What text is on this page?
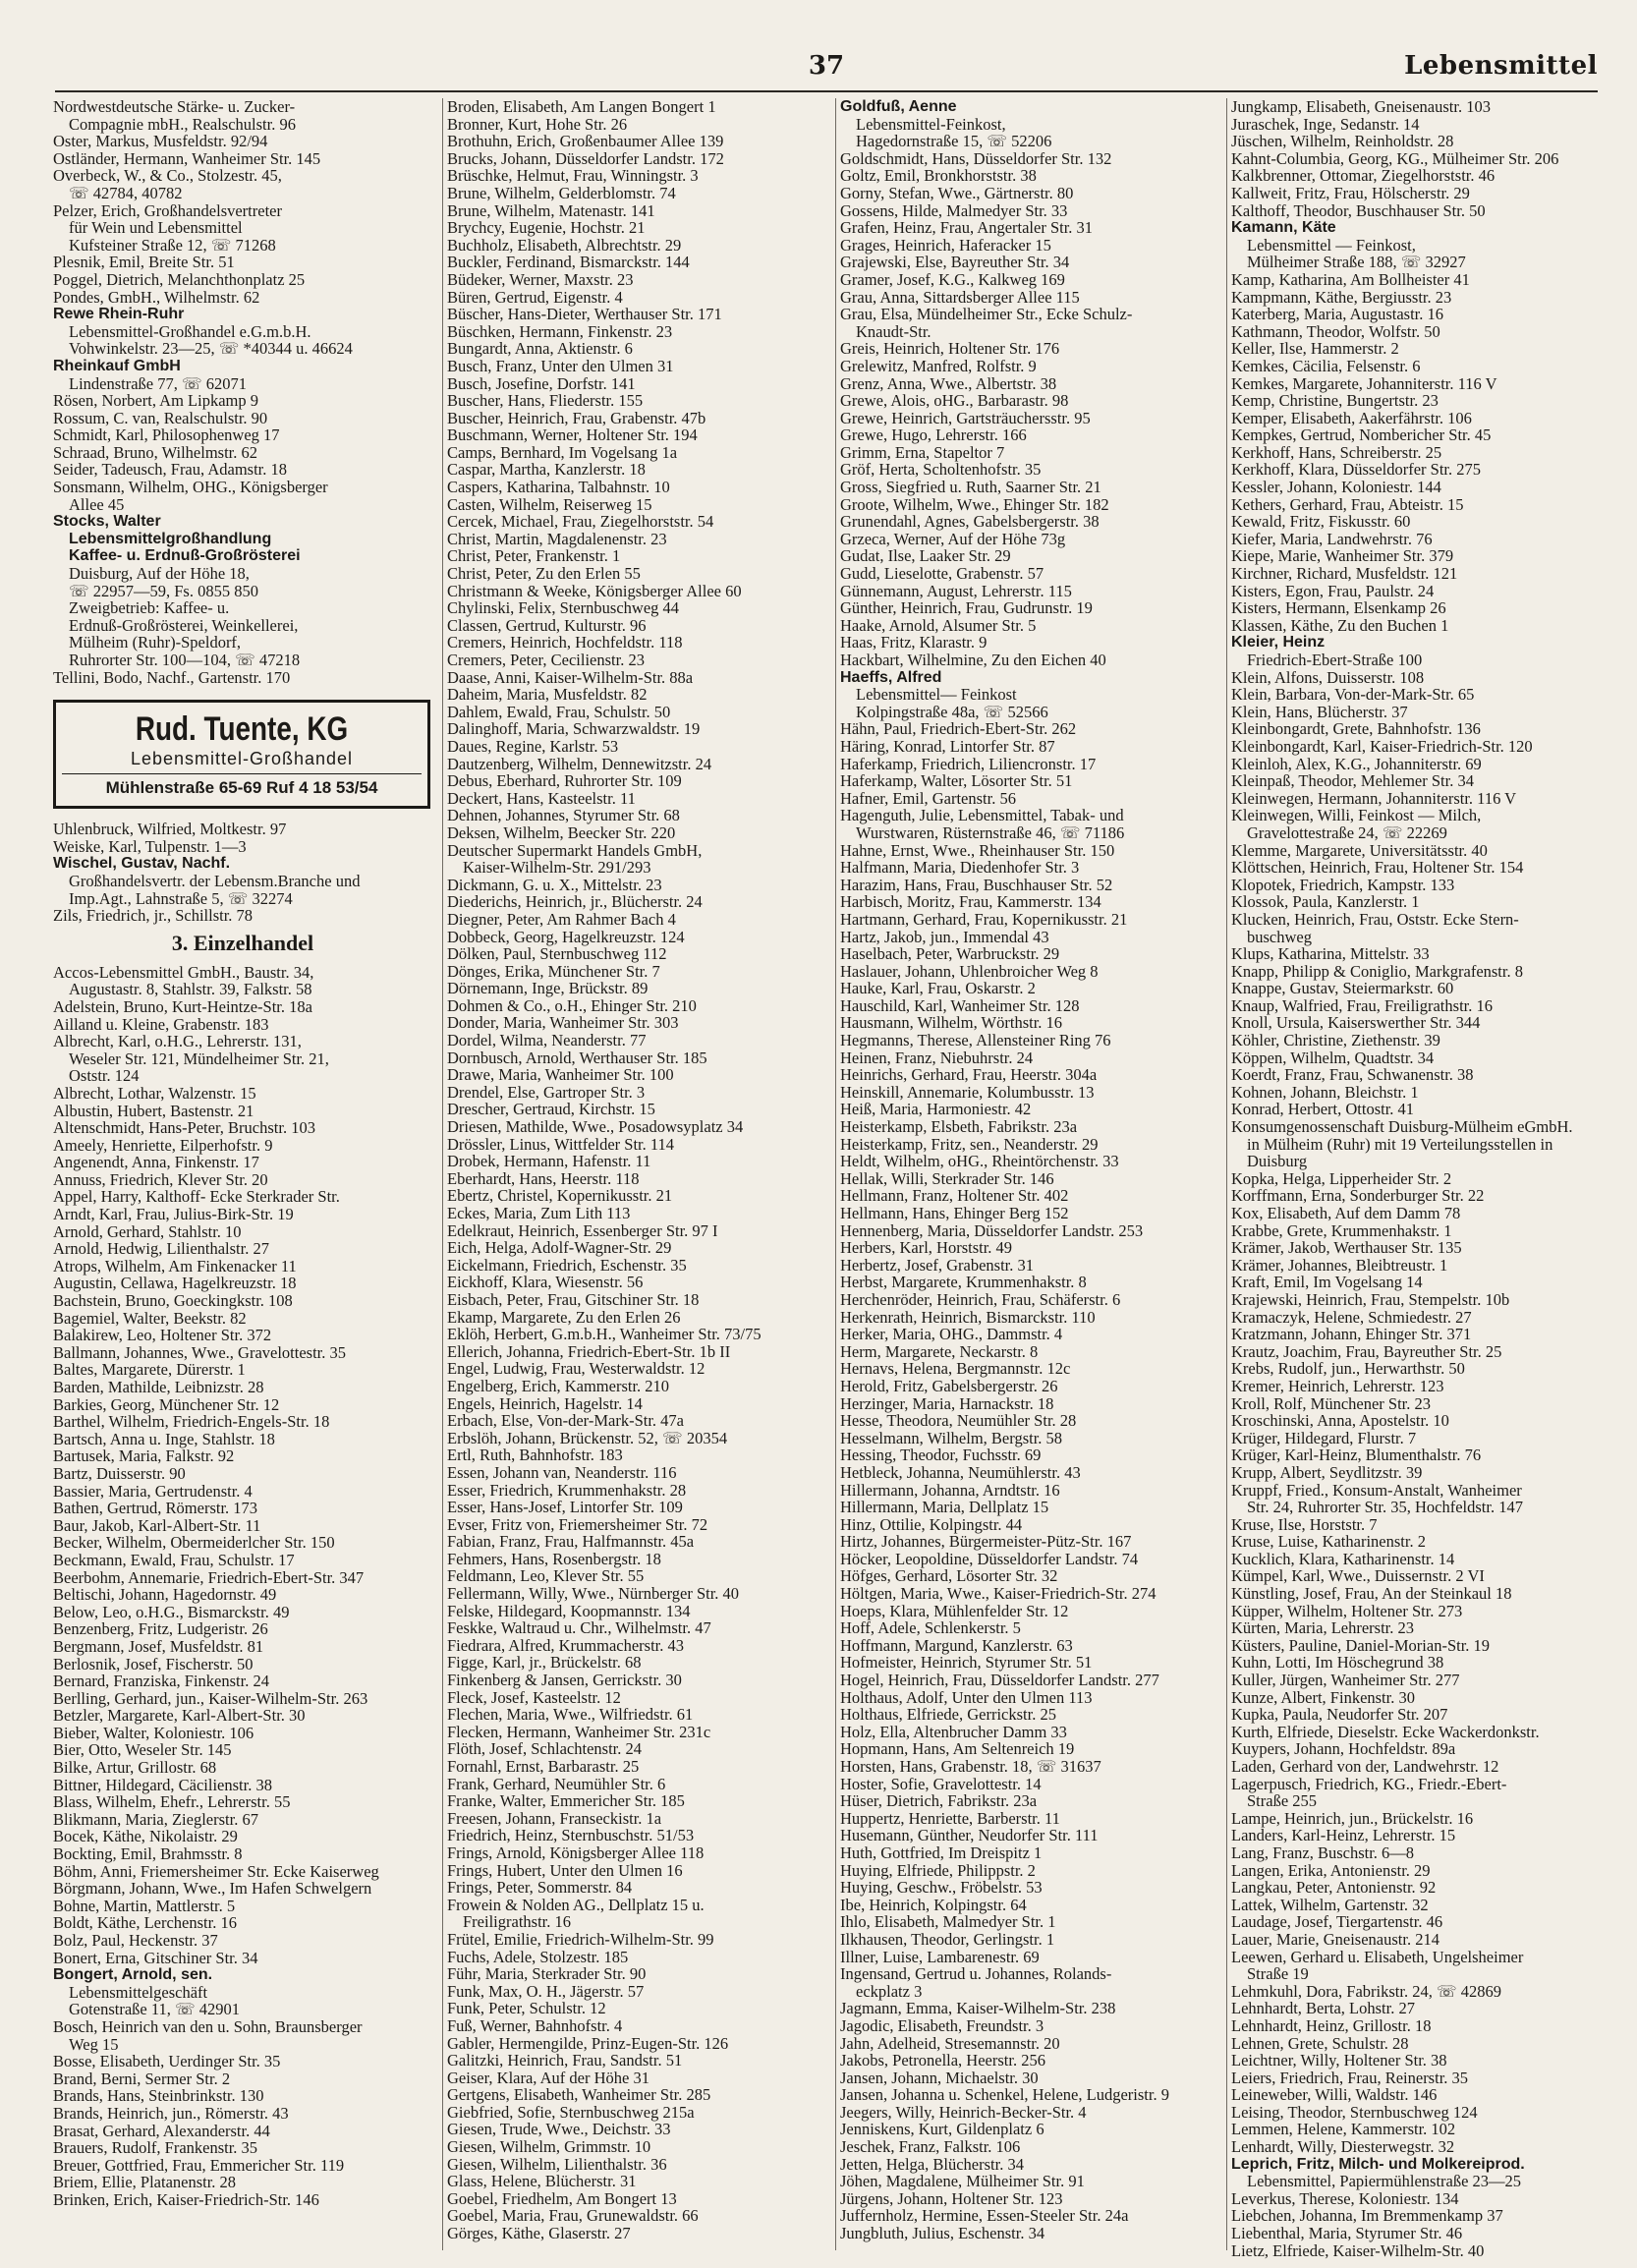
37	Lebensmittel
Nordwestdeutsche Stärke- u. Zucker-
Compagnie mbH., Realschulstr. 96
Oster, Markus, Musfeldstr. 92/94
Ostländer, Hermann, Wanheimer Str. 145
Overbeck, W., & Co., Stolzestr. 45,
☏ 42784, 40782
Pelzer, Erich, Großhandelsvertreter
für Wein und Lebensmittel
Kufsteiner Straße 12, ☏ 71268
Plesnik, Emil, Breite Str. 51
Poggel, Dietrich, Melanchthonplatz 25
Pondes, GmbH., Wilhelmstr. 62
Rewe Rhein-Ruhr
Lebensmittel-Großhandel e.G.m.b.H.
Vohwinkelstr. 23—25, ☏ *40344 u. 46624
Rheinkauf GmbH
Lindenstraße 77, ☏ 62071
Rösen, Norbert, Am Lipkamp 9
Rossum, C. van, Realschulstr. 90
Schmidt, Karl, Philosophenweg 17
Schraad, Bruno, Wilhelmstr. 62
Seider, Tadeusch, Frau, Adamstr. 18
Sonsmann, Wilhelm, OHG., Königsberger
Allee 45
Stocks, Walter
Lebensmittelgroßhandlung
Kaffee- u. Erdnuß-Großrösterei
Duisburg, Auf der Höhe 18,
☏ 22957—59, Fs. 0855 850
Zweigbetrieb: Kaffee- u.
Erdnuß-Großrösterei, Weinkellerei,
Mülheim (Ruhr)-Speldorf,
Ruhrorter Str. 100—104, ☏ 47218
Tellini, Bodo, Nachf., Gartenstr. 170
Rud. Tuente, KG
Lebensmittel-Großhandel
Mühlenstraße 65-69 Ruf 4 18 53/54
Uhlenbruck, Wilfried, Moltkestr. 97
Weiske, Karl, Tulpenstr. 1—3
Wischel, Gustav, Nachf.
Großhandelsvertr. der Lebensm.Branche und
Imp.Agt., Lahnstraße 5, ☏ 32274
Zils, Friedrich, jr., Schillstr. 78
3. Einzelhandel
Accos-Lebensmittel GmbH., Baustr. 34,
Augustastr. 8, Stahlstr. 39, Falkstr. 58
Adelstein, Bruno, Kurt-Heintze-Str. 18a
Ailland u. Kleine, Grabenstr. 183
Albrecht, Karl, o.H.G., Lehrerstr. 131,
Weseler Str. 121, Mündelheimer Str. 21,
Oststr. 124
Albrecht, Lothar, Walzenstr. 15
Albustin, Hubert, Bastenstr. 21
Altenschmidt, Hans-Peter, Bruchstr. 103
Ameely, Henriette, Eilperhofstr. 9
Angenendt, Anna, Finkenstr. 17
Annuss, Friedrich, Klever Str. 20
Appel, Harry, Kalthoff- Ecke Sterkrader Str.
Arndt, Karl, Frau, Julius-Birk-Str. 19
Arnold, Gerhard, Stahlstr. 10
Arnold, Hedwig, Lilienthalstr. 27
Atrops, Wilhelm, Am Finkenacker 11
Augustin, Cellawa, Hagelkreuzstr. 18
Bachstein, Bruno, Goeckingkstr. 108
Bagemiel, Walter, Beekstr. 82
Balakirew, Leo, Holtener Str. 372
Ballmann, Johannes, Wwe., Gravelottestr. 35
Baltes, Margarete, Dürerstr. 1
Barden, Mathilde, Leibnizstr. 28
Barkies, Georg, Münchener Str. 12
Barthel, Wilhelm, Friedrich-Engels-Str. 18
Bartsch, Anna u. Inge, Stahlstr. 18
Bartusek, Maria, Falkstr. 92
Bartz, Duisserstr. 90
Bassier, Maria, Gertrudenstr. 4
Bathen, Gertrud, Römerstr. 173
Baur, Jakob, Karl-Albert-Str. 11
Becker, Wilhelm, Obermeiderlcher Str. 150
Beckmann, Ewald, Frau, Schulstr. 17
Beerbohm, Annemarie, Friedrich-Ebert-Str. 347
Beltischi, Johann, Hagedornstr. 49
Below, Leo, o.H.G., Bismarckstr. 49
Benzenberg, Fritz, Ludgeristr. 26
Bergmann, Josef, Musfeldstr. 81
Berlosnik, Josef, Fischerstr. 50
Bernard, Franziska, Finkenstr. 24
Berlling, Gerhard, jun., Kaiser-Wilhelm-Str. 263
Betzler, Margarete, Karl-Albert-Str. 30
Bieber, Walter, Koloniestr. 106
Bier, Otto, Weseler Str. 145
Bilke, Artur, Grillostr. 68
Bittner, Hildegard, Cäcilienstr. 38
Blass, Wilhelm, Ehefr., Lehrerstr. 55
Blikmann, Maria, Zieglerstr. 67
Bocek, Käthe, Nikolaistr. 29
Bockting, Emil, Brahmsstr. 8
Böhm, Anni, Friemersheimer Str. Ecke Kaiserweg
Börgmann, Johann, Wwe., Im Hafen Schwelgern
Bohne, Martin, Mattlerstr. 5
Boldt, Käthe, Lerchenstr. 16
Bolz, Paul, Heckenstr. 37
Bonert, Erna, Gitschiner Str. 34
Bongert, Arnold, sen.
Lebensmittelgeschäft
Gotenstraße 11, ☏ 42901
Bosch, Heinrich van den u. Sohn, Braunsberger
Weg 15
Bosse, Elisabeth, Uerdinger Str. 35
Brand, Berni, Sermer Str. 2
Brands, Hans, Steinbrinkstr. 130
Brands, Heinrich, jun., Römerstr. 43
Brasat, Gerhard, Alexanderstr. 44
Brauers, Rudolf, Frankenstr. 35
Breuer, Gottfried, Frau, Emmericher Str. 119
Briem, Ellie, Platanenstr. 28
Brinken, Erich, Kaiser-Friedrich-Str. 146
Broden, Elisabeth, Am Langen Bongert 1
Bronner, Kurt, Hohe Str. 26
Brothuhn, Erich, Großenbaumer Allee 139
Brucks, Johann, Düsseldorfer Landstr. 172
Brüschke, Helmut, Frau, Winningstr. 3
Brune, Wilhelm, Gelderblomstr. 74
Brune, Wilhelm, Matenastr. 141
Brychcy, Eugenie, Hochstr. 21
Buchholz, Elisabeth, Albrechtstr. 29
Buckler, Ferdinand, Bismarckstr. 144
Büdeker, Werner, Maxstr. 23
Büren, Gertrud, Eigenstr. 4
Büscher, Hans-Dieter, Werthauser Str. 171
Büschken, Hermann, Finkenstr. 23
Bungardt, Anna, Aktienstr. 6
Busch, Franz, Unter den Ulmen 31
Busch, Josefine, Dorfstr. 141
Buscher, Hans, Fliederstr. 155
Buscher, Heinrich, Frau, Grabenstr. 47b
Buschmann, Werner, Holtener Str. 194
Camps, Bernhard, Im Vogelsang 1a
Caspar, Martha, Kanzlerstr. 18
Caspers, Katharina, Talbahnstr. 10
Casten, Wilhelm, Reiserweg 15
Cercek, Michael, Frau, Ziegelhorststr. 54
Christ, Martin, Magdalenenstr. 23
Christ, Peter, Frankenstr. 1
Christ, Peter, Zu den Erlen 55
Christmann & Weeke, Königsberger Allee 60
Chylinski, Felix, Sternbuschweg 44
Classen, Gertrud, Kulturstr. 96
Cremers, Heinrich, Hochfeldstr. 118
Cremers, Peter, Cecilienstr. 23
Daase, Anni, Kaiser-Wilhelm-Str. 88a
Daheim, Maria, Musfeldstr. 82
Dahlem, Ewald, Frau, Schulstr. 50
Dalinghoff, Maria, Schwarzwaldstr. 19
Daues, Regine, Karlstr. 53
Dautzenberg, Wilhelm, Dennewitzstr. 24
Debus, Eberhard, Ruhrorter Str. 109
Deckert, Hans, Kasteelstr. 11
Dehnen, Johannes, Styrumer Str. 68
Deksen, Wilhelm, Beecker Str. 220
Deutscher Supermarkt Handels GmbH,
Kaiser-Wilhelm-Str. 291/293
Dickmann, G. u. X., Mittelstr. 23
Diederichs, Heinrich, jr., Blücherstr. 24
Diegner, Peter, Am Rahmer Bach 4
Dobbeck, Georg, Hagelkreuzstr. 124
Dölken, Paul, Sternbuschweg 112
Dönges, Erika, Münchener Str. 7
Dörnemann, Inge, Brückstr. 89
Dohmen & Co., o.H., Ehinger Str. 210
Donder, Maria, Wanheimer Str. 303
Dordel, Wilma, Neanderstr. 77
Dornbusch, Arnold, Werthauser Str. 185
Drawe, Maria, Wanheimer Str. 100
Drendel, Else, Gartroper Str. 3
Drescher, Gertraud, Kirchstr. 15
Driesen, Mathilde, Wwe., Posadowsyplatz 34
Drössler, Linus, Wittfelder Str. 114
Drobek, Hermann, Hafenstr. 11
Eberhardt, Hans, Heerstr. 118
Ebertz, Christel, Kopernikusstr. 21
Eckes, Maria, Zum Lith 113
Edelkraut, Heinrich, Essenberger Str. 97 I
Eich, Helga, Adolf-Wagner-Str. 29
Eickelmann, Friedrich, Eschenstr. 35
Eickhoff, Klara, Wiesenstr. 56
Eisbach, Peter, Frau, Gitschiner Str. 18
Ekamp, Margarete, Zu den Erlen 26
Eklöh, Herbert, G.m.b.H., Wanheimer Str. 73/75
Ellerich, Johanna, Friedrich-Ebert-Str. 1b II
Engel, Ludwig, Frau, Westerwaldstr. 12
Engelberg, Erich, Kammerstr. 210
Engels, Heinrich, Hagelstr. 14
Erbach, Else, Von-der-Mark-Str. 47a
Erbslöh, Johann, Brückenstr. 52, ☏ 20354
Ertl, Ruth, Bahnhofstr. 183
Essen, Johann van, Neanderstr. 116
Esser, Friedrich, Krummenhakstr. 28
Esser, Hans-Josef, Lintorfer Str. 109
Evser, Fritz von, Friemersheimer Str. 72
Fabian, Franz, Frau, Halfmannstr. 45a
Fehmers, Hans, Rosenbergstr. 18
Feldmann, Leo, Klever Str. 55
Fellermann, Willy, Wwe., Nürnberger Str. 40
Felske, Hildegard, Koopmannstr. 134
Feskke, Waltraud u. Chr., Wilhelmstr. 47
Fiedrara, Alfred, Krummacherstr. 43
Figge, Karl, jr., Brückelstr. 68
Finkenberg & Jansen, Gerrickstr. 30
Fleck, Josef, Kasteelstr. 12
Flechen, Maria, Wwe., Wilfriedstr. 61
Flecken, Hermann, Wanheimer Str. 231c
Flöth, Josef, Schlachtenstr. 24
Fornahl, Ernst, Barbarastr. 25
Frank, Gerhard, Neumühler Str. 6
Franke, Walter, Emmericher Str. 185
Freesen, Johann, Franseckistr. 1a
Friedrich, Heinz, Sternbuschstr. 51/53
Frings, Arnold, Königsberger Allee 118
Frings, Hubert, Unter den Ulmen 16
Frings, Peter, Sommerstr. 84
Frowein & Nolden AG., Dellplatz 15 u.
Freiligrathstr. 16
Frütel, Emilie, Friedrich-Wilhelm-Str. 99
Fuchs, Adele, Stolzestr. 185
Führ, Maria, Sterkrader Str. 90
Funk, Max, O. H., Jägerstr. 57
Funk, Peter, Schulstr. 12
Fuß, Werner, Bahnhofstr. 4
Gabler, Hermengilde, Prinz-Eugen-Str. 126
Galitzki, Heinrich, Frau, Sandstr. 51
Geiser, Klara, Auf der Höhe 31
Gertgens, Elisabeth, Wanheimer Str. 285
Giebfried, Sofie, Sternbuschweg 215a
Giesen, Trude, Wwe., Deichstr. 33
Giesen, Wilhelm, Grimmstr. 10
Giesen, Wilhelm, Lilienthalstr. 36
Glass, Helene, Blücherstr. 31
Goebel, Friedhelm, Am Bongert 13
Goebel, Maria, Frau, Grunewaldstr. 66
Görges, Käthe, Glaserstr. 27
Goldfuß, Aenne
Lebensmittel-Feinkost,
Hagedornstraße 15, ☏ 52206
Goldschmidt, Hans, Düsseldorfer Str. 132
Goltz, Emil, Bronkhorststr. 38
Gorny, Stefan, Wwe., Gärtnerstr. 80
Gossens, Hilde, Malmedyer Str. 33
Grafen, Heinz, Frau, Angertaler Str. 31
Grages, Heinrich, Haferacker 15
Grajewski, Else, Bayreuther Str. 34
Gramer, Josef, K.G., Kalkweg 169
Grau, Anna, Sittardsberger Allee 115
Grau, Elsa, Mündelheimer Str., Ecke Schulz-
Knaudt-Str.
Greis, Heinrich, Holtener Str. 176
Grelewitz, Manfred, Rolfstr. 9
Grenz, Anna, Wwe., Albertstr. 38
Grewe, Alois, oHG., Barbarastr. 98
Grewe, Heinrich, Gartsträuchersstr. 95
Grewe, Hugo, Lehrerstr. 166
Grimm, Erna, Stapeltor 7
Gröf, Herta, Scholtenhofstr. 35
Gross, Siegfried u. Ruth, Saarner Str. 21
Groote, Wilhelm, Wwe., Ehinger Str. 182
Grunendahl, Agnes, Gabelsbergerstr. 38
Grzeca, Werner, Auf der Höhe 73g
Gudat, Ilse, Laaker Str. 29
Gudd, Lieselotte, Grabenstr. 57
Günnemann, August, Lehrerstr. 115
Günther, Heinrich, Frau, Gudrunstr. 19
Haake, Arnold, Alsumer Str. 5
Haas, Fritz, Klarastr. 9
Hackbart, Wilhelmine, Zu den Eichen 40
Haeffs, Alfred
Lebensmittel— Feinkost
Kolpingstraße 48a, ☏ 52566
Hähn, Paul, Friedrich-Ebert-Str. 262
Häring, Konrad, Lintorfer Str. 87
Haferkamp, Friedrich, Liliencronstr. 17
Haferkamp, Walter, Lösorter Str. 51
Hafner, Emil, Gartenstr. 56
Hagenguth, Julie, Lebensmittel, Tabak- und
Wurstwaren, Rüsternstraße 46, ☏ 71186
Hahne, Ernst, Wwe., Rheinhauser Str. 150
Halfmann, Maria, Diedenhofer Str. 3
Harazim, Hans, Frau, Buschhauser Str. 52
Harbisch, Moritz, Frau, Kammerstr. 134
Hartmann, Gerhard, Frau, Kopernikusstr. 21
Hartz, Jakob, jun., Immendal 43
Haselbach, Peter, Warbruckstr. 29
Haslauer, Johann, Uhlenbroicher Weg 8
Hauke, Karl, Frau, Oskarstr. 2
Hauschild, Karl, Wanheimer Str. 128
Hausmann, Wilhelm, Wörthstr. 16
Hegmanns, Therese, Allensteiner Ring 76
Heinen, Franz, Niebuhrstr. 24
Heinrichs, Gerhard, Frau, Heerstr. 304a
Heinskill, Annemarie, Kolumbusstr. 13
Heiß, Maria, Harmoniestr. 42
Heisterkamp, Elsbeth, Fabrikstr. 23a
Heisterkamp, Fritz, sen., Neanderstr. 29
Heldt, Wilhelm, oHG., Rheintörchenstr. 33
Hellak, Willi, Sterkrader Str. 146
Hellmann, Franz, Holtener Str. 402
Hellmann, Hans, Ehinger Berg 152
Hennenberg, Maria, Düsseldorfer Landstr. 253
Herbers, Karl, Horststr. 49
Herbertz, Josef, Grabenstr. 31
Herbst, Margarete, Krummenhakstr. 8
Herchenröder, Heinrich, Frau, Schäferstr. 6
Herkenrath, Heinrich, Bismarckstr. 110
Herker, Maria, OHG., Dammstr. 4
Herm, Margarete, Neckarstr. 8
Hernavs, Helena, Bergmannstr. 12c
Herold, Fritz, Gabelsbergerstr. 26
Herzinger, Maria, Harnackstr. 18
Hesse, Theodora, Neumühler Str. 28
Hesselmann, Wilhelm, Bergstr. 58
Hessing, Theodor, Fuchsstr. 69
Hetbleck, Johanna, Neumühlerstr. 43
Hillermann, Johanna, Arndtstr. 16
Hillermann, Maria, Dellplatz 15
Hinz, Ottilie, Kolpingstr. 44
Hirtz, Johannes, Bürgermeister-Pütz-Str. 167
Höcker, Leopoldine, Düsseldorfer Landstr. 74
Höfges, Gerhard, Lösorter Str. 32
Höltgen, Maria, Wwe., Kaiser-Friedrich-Str. 274
Hoeps, Klara, Mühlenfelder Str. 12
Hoff, Adele, Schlenkerstr. 5
Hoffmann, Margund, Kanzlerstr. 63
Hofmeister, Heinrich, Styrumer Str. 51
Hogel, Heinrich, Frau, Düsseldorfer Landstr. 277
Holthaus, Adolf, Unter den Ulmen 113
Holthaus, Elfriede, Gerrickstr. 25
Holz, Ella, Altenbrucher Damm 33
Hopmann, Hans, Am Seltenreich 19
Horsten, Hans, Grabenstr. 18, ☏ 31637
Hoster, Sofie, Gravelottestr. 14
Hüser, Dietrich, Fabrikstr. 23a
Huppertz, Henriette, Barberstr. 11
Husemann, Günther, Neudorfer Str. 111
Huth, Gottfried, Im Dreispitz 1
Huying, Elfriede, Philippstr. 2
Huying, Geschw., Fröbelstr. 53
Ibe, Heinrich, Kolpingstr. 64
Ihlo, Elisabeth, Malmedyer Str. 1
Ilkhausen, Theodor, Gerlingstr. 1
Illner, Luise, Lambarenestr. 69
Ingensand, Gertrud u. Johannes, Rolands-
eckplatz 3
Jagmann, Emma, Kaiser-Wilhelm-Str. 238
Jagodic, Elisabeth, Freundstr. 3
Jahn, Adelheid, Stresemannstr. 20
Jakobs, Petronella, Heerstr. 256
Jansen, Johann, Michaelstr. 30
Jansen, Johanna u. Schenkel, Helene, Ludgeristr. 9
Jeegers, Willy, Heinrich-Becker-Str. 4
Jenniskens, Kurt, Gildenplatz 6
Jeschek, Franz, Falkstr. 106
Jetten, Helga, Blücherstr. 34
Jöhen, Magdalene, Mülheimer Str. 91
Jürgens, Johann, Holtener Str. 123
Juffernholz, Hermine, Essen-Steeler Str. 24a
Jungbluth, Julius, Eschenstr. 34
Jungkamp, Elisabeth, Gneisenaustr. 103
Juraschek, Inge, Sedanstr. 14
Jüschen, Wilhelm, Reinholdstr. 28
Kahnt-Columbia, Georg, KG., Mülheimer Str. 206
Kalkbrenner, Ottomar, Ziegelhorststr. 46
Kallweit, Fritz, Frau, Hölscherstr. 29
Kalthoff, Theodor, Buschhauser Str. 50
Kamann, Käte
Lebensmittel — Feinkost,
Mülheimer Straße 188, ☏ 32927
Kamp, Katharina, Am Bollheister 41
Kampmann, Käthe, Bergiusstr. 23
Katerberg, Maria, Augustastr. 16
Kathmann, Theodor, Wolfstr. 50
Keller, Ilse, Hammerstr. 2
Kemkes, Cäcilia, Felsenstr. 6
Kemkes, Margarete, Johanniterstr. 116 V
Kemp, Christine, Bungertstr. 23
Kemper, Elisabeth, Aakerfährstr. 106
Kempkes, Gertrud, Nombericher Str. 45
Kerkhoff, Hans, Schreiberstr. 25
Kerkhoff, Klara, Düsseldorfer Str. 275
Kessler, Johann, Koloniestr. 144
Kethers, Gerhard, Frau, Abteistr. 15
Kewald, Fritz, Fiskusstr. 60
Kiefer, Maria, Landwehrstr. 76
Kiepe, Marie, Wanheimer Str. 379
Kirchner, Richard, Musfeldstr. 121
Kisters, Egon, Frau, Paulstr. 24
Kisters, Hermann, Elsenkamp 26
Klassen, Käthe, Zu den Buchen 1
Kleier, Heinz
Friedrich-Ebert-Straße 100
Klein, Alfons, Duisserstr. 108
Klein, Barbara, Von-der-Mark-Str. 65
Klein, Hans, Blücherstr. 37
Kleinbongardt, Grete, Bahnhofstr. 136
Kleinbongardt, Karl, Kaiser-Friedrich-Str. 120
Kleinloh, Alex, K.G., Johanniterstr. 69
Kleinpaß, Theodor, Mehlemer Str. 34
Kleinwegen, Hermann, Johanniterstr. 116 V
Kleinwegen, Willi, Feinkost — Milch,
Gravelottestraße 24, ☏ 22269
Klemme, Margarete, Universitätsstr. 40
Klöttschen, Heinrich, Frau, Holtener Str. 154
Klopotek, Friedrich, Kampstr. 133
Klossok, Paula, Kanzlerstr. 1
Klucken, Heinrich, Frau, Oststr. Ecke Stern-
buschweg
Klups, Katharina, Mittelstr. 33
Knapp, Philipp & Coniglio, Markgrafenstr. 8
Knappe, Gustav, Steiermarkstr. 60
Knaup, Walfried, Frau, Freiligrathstr. 16
Knoll, Ursula, Kaiserswerther Str. 344
Köhler, Christine, Ziethenstr. 39
Köppen, Wilhelm, Quadtstr. 34
Koerdt, Franz, Frau, Schwanenstr. 38
Kohnen, Johann, Bleichstr. 1
Konrad, Herbert, Ottostr. 41
Konsumgenossenschaft Duisburg-Mülheim eGmbH.
in Mülheim (Ruhr) mit 19 Verteilungsstellen in
Duisburg
Kopka, Helga, Lipperheider Str. 2
Korffmann, Erna, Sonderburger Str. 22
Kox, Elisabeth, Auf dem Damm 78
Krabbe, Grete, Krummenhakstr. 1
Krämer, Jakob, Werthauser Str. 135
Krämer, Johannes, Bleibtreustr. 1
Kraft, Emil, Im Vogelsang 14
Krajewski, Heinrich, Frau, Stempelstr. 10b
Kramaczyk, Helene, Schmiedestr. 27
Kratzmann, Johann, Ehinger Str. 371
Krautz, Joachim, Frau, Bayreuther Str. 25
Krebs, Rudolf, jun., Herwarthstr. 50
Kremer, Heinrich, Lehrerstr. 123
Kroll, Rolf, Münchener Str. 23
Kroschinski, Anna, Apostelstr. 10
Krüger, Hildegard, Flurstr. 7
Krüger, Karl-Heinz, Blumenthalstr. 76
Krupp, Albert, Seydlitzstr. 39
Kruppf, Fried., Konsum-Anstalt, Wanheimer
Str. 24, Ruhrorter Str. 35, Hochfeldstr. 147
Kruse, Ilse, Horststr. 7
Kruse, Luise, Katharinenstr. 2
Kucklich, Klara, Katharinenstr. 14
Kümpel, Karl, Wwe., Duissernstr. 2 VI
Künstling, Josef, Frau, An der Steinkaul 18
Küpper, Wilhelm, Holtener Str. 273
Kürten, Maria, Lehrerstr. 23
Küsters, Pauline, Daniel-Morian-Str. 19
Kuhn, Lotti, Im Höschegrund 38
Kuller, Jürgen, Wanheimer Str. 277
Kunze, Albert, Finkenstr. 30
Kupka, Paula, Neudorfer Str. 207
Kurth, Elfriede, Dieselstr. Ecke Wackerdonkstr.
Kuypers, Johann, Hochfeldstr. 89a
Laden, Gerhard von der, Landwehrstr. 12
Lagerpusch, Friedrich, KG., Friedr.-Ebert-
Straße 255
Lampe, Heinrich, jun., Brückelstr. 16
Landers, Karl-Heinz, Lehrerstr. 15
Lang, Franz, Buschstr. 6—8
Langen, Erika, Antonienstr. 29
Langkau, Peter, Antonienstr. 92
Lattek, Wilhelm, Gartenstr. 32
Laudage, Josef, Tiergartenstr. 46
Lauer, Marie, Gneisenaustr. 214
Leewen, Gerhard u. Elisabeth, Ungelsheimer
Straße 19
Lehmkuhl, Dora, Fabrikstr. 24, ☏ 42869
Lehnhardt, Berta, Lohstr. 27
Lehnhardt, Heinz, Grillostr. 18
Lehnen, Grete, Schulstr. 28
Leichtner, Willy, Holtener Str. 38
Leiers, Friedrich, Frau, Reinerstr. 35
Leineweber, Willi, Waldstr. 146
Leising, Theodor, Sternbuschweg 124
Lemmen, Helene, Kammerstr. 102
Lenhardt, Willy, Diesterwegstr. 32
Leprich, Fritz, Milch- und Molkereiprod.
Lebensmittel, Papiermühlenstraße 23—25
Leverkus, Therese, Koloniestr. 134
Liebchen, Johanna, Im Bremmenkamp 37
Liebenthal, Maria, Styrumer Str. 46
Lietz, Elfriede, Kaiser-Wilhelm-Str. 40
